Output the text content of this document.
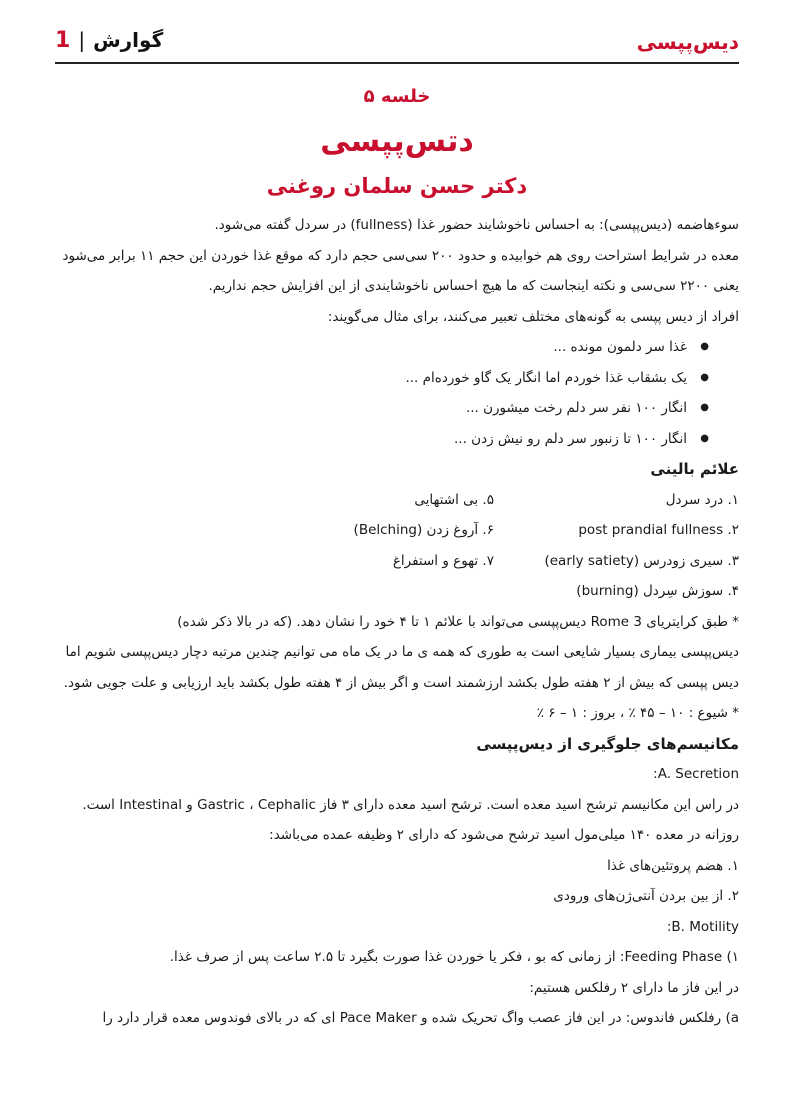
دیس‌پپسی
گوارش|1
خلسه ۵
دتس‌پپسی
دکتر حسن سلمان روغنی

سوءهاضمه (دیس‌پپسی): به احساس ناخوشایند حضور غذا (fullness) در سردل گفته می‌شود.

معده در شرایط استراحت روی هم خوابیده و حدود ۲۰۰ سی‌سی حجم دارد که موقع غذا خوردن این حجم ۱۱ برابر می‌شود

یعنی ۲۲۰۰ سی‌سی و نکته اینجاست که ما هیچ احساس ناخوشایندی از این افزایش حجم نداریم.

افراد از دیس پپسی به گونه‌های مختلف تعبیر می‌کنند، برای مثال می‌گویند:

● غذا سر دلمون مونده ...
● یک بشقاب غذا خوردم اما انگار یک گاو خورده‌ام ...
● انگار ۱۰۰ نفر سر دلم رخت میشورن ...
● انگار ۱۰۰ تا زنبور سر دلم رو نیش زدن ...

علائم بالینی

۱. درد سردل
۵. بی اشتهایی
۲. post prandial fullness
۶. آروغ زدن (Belching)
۳. سیری زودرس (early satiety)
۷. تهوع و استفراغ
۴. سوزش سِردل (burning)

* طبق کرایتریای Rome 3 دیس‌پپسی می‌تواند با علائم ۱ تا ۴ خود را نشان دهد. (که در بالا ذکر شده)

دیس‌پپسی بیماری بسیار شایعی است به طوری که همه ی ما در یک ماه می توانیم چندین مرتبه دچار دیس‌پپسی شویم اما

دیس پپسی که بیش از ۲ هفته طول بکشد ارزشمند است و اگر بیش از ۴ هفته طول بکشد باید ارزیابی و علت جویی شود.

* شیوع : ۱۰ – ۴۵ ٪ ، بروز : ۱ – ۶ ٪

مکانیسم‌های جلوگیری از دیس‌پپسی

A. Secretion:

در راس این مکانیسم ترشح اسید معده است. ترشح اسید معده دارای ۳ فاز Gastric ، Cephalic و Intestinal است.

روزانه در معده ۱۴۰ میلی‌مول اسید ترشح می‌شود که دارای ۲ وظیفه عمده می‌باشد:

۱. هضم پروتئین‌های غذا

۲. از بین بردن آنتی‌ژن‌های ورودی

B. Motility:

۱) Feeding Phase: از زمانی که بو ، فکر یا خوردن غذا صورت بگیرد تا ۲.۵ ساعت پس از صرف غذا.

در این فاز ما دارای ۲ رفلکس هستیم:

a) رفلکس فاندوس: در این فاز عصب واگ تحریک شده و Pace Maker ای که در بالای فوندوس معده قرار دارد را
